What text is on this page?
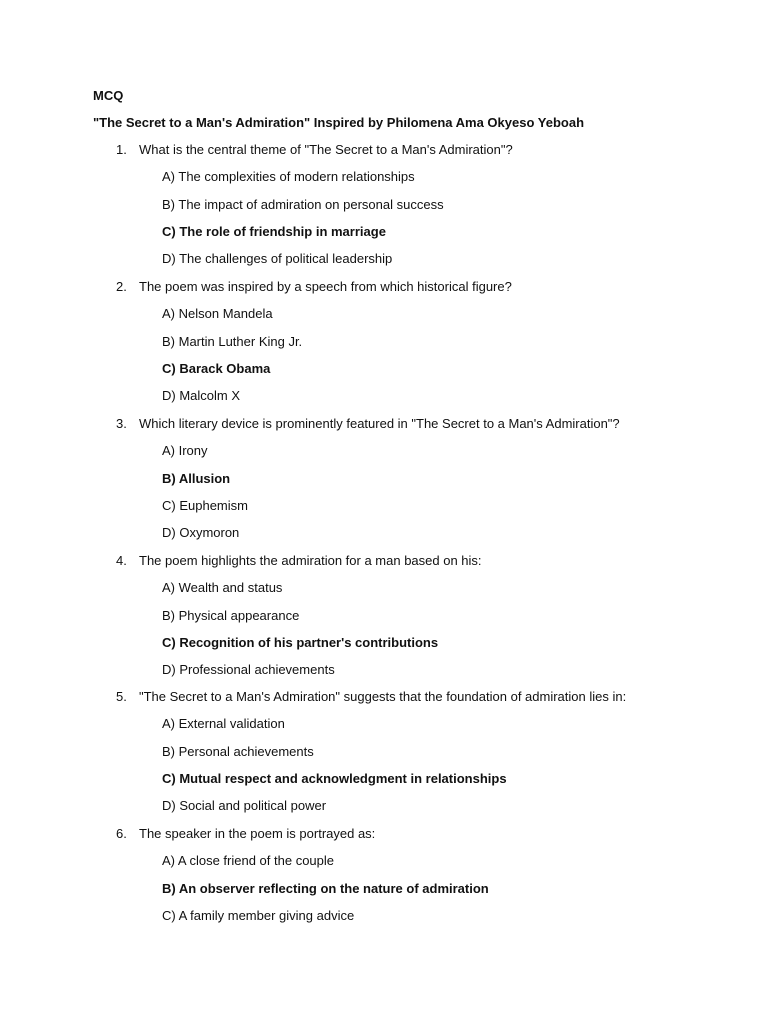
MCQ
"The Secret to a Man's Admiration" Inspired by Philomena Ama Okyeso Yeboah
1. What is the central theme of "The Secret to a Man's Admiration"?
A) The complexities of modern relationships
B) The impact of admiration on personal success
C) The role of friendship in marriage
D) The challenges of political leadership
2. The poem was inspired by a speech from which historical figure?
A) Nelson Mandela
B) Martin Luther King Jr.
C) Barack Obama
D) Malcolm X
3. Which literary device is prominently featured in "The Secret to a Man's Admiration"?
A) Irony
B) Allusion
C) Euphemism
D) Oxymoron
4. The poem highlights the admiration for a man based on his:
A) Wealth and status
B) Physical appearance
C) Recognition of his partner's contributions
D) Professional achievements
5. "The Secret to a Man's Admiration" suggests that the foundation of admiration lies in:
A) External validation
B) Personal achievements
C) Mutual respect and acknowledgment in relationships
D) Social and political power
6. The speaker in the poem is portrayed as:
A) A close friend of the couple
B) An observer reflecting on the nature of admiration
C) A family member giving advice
